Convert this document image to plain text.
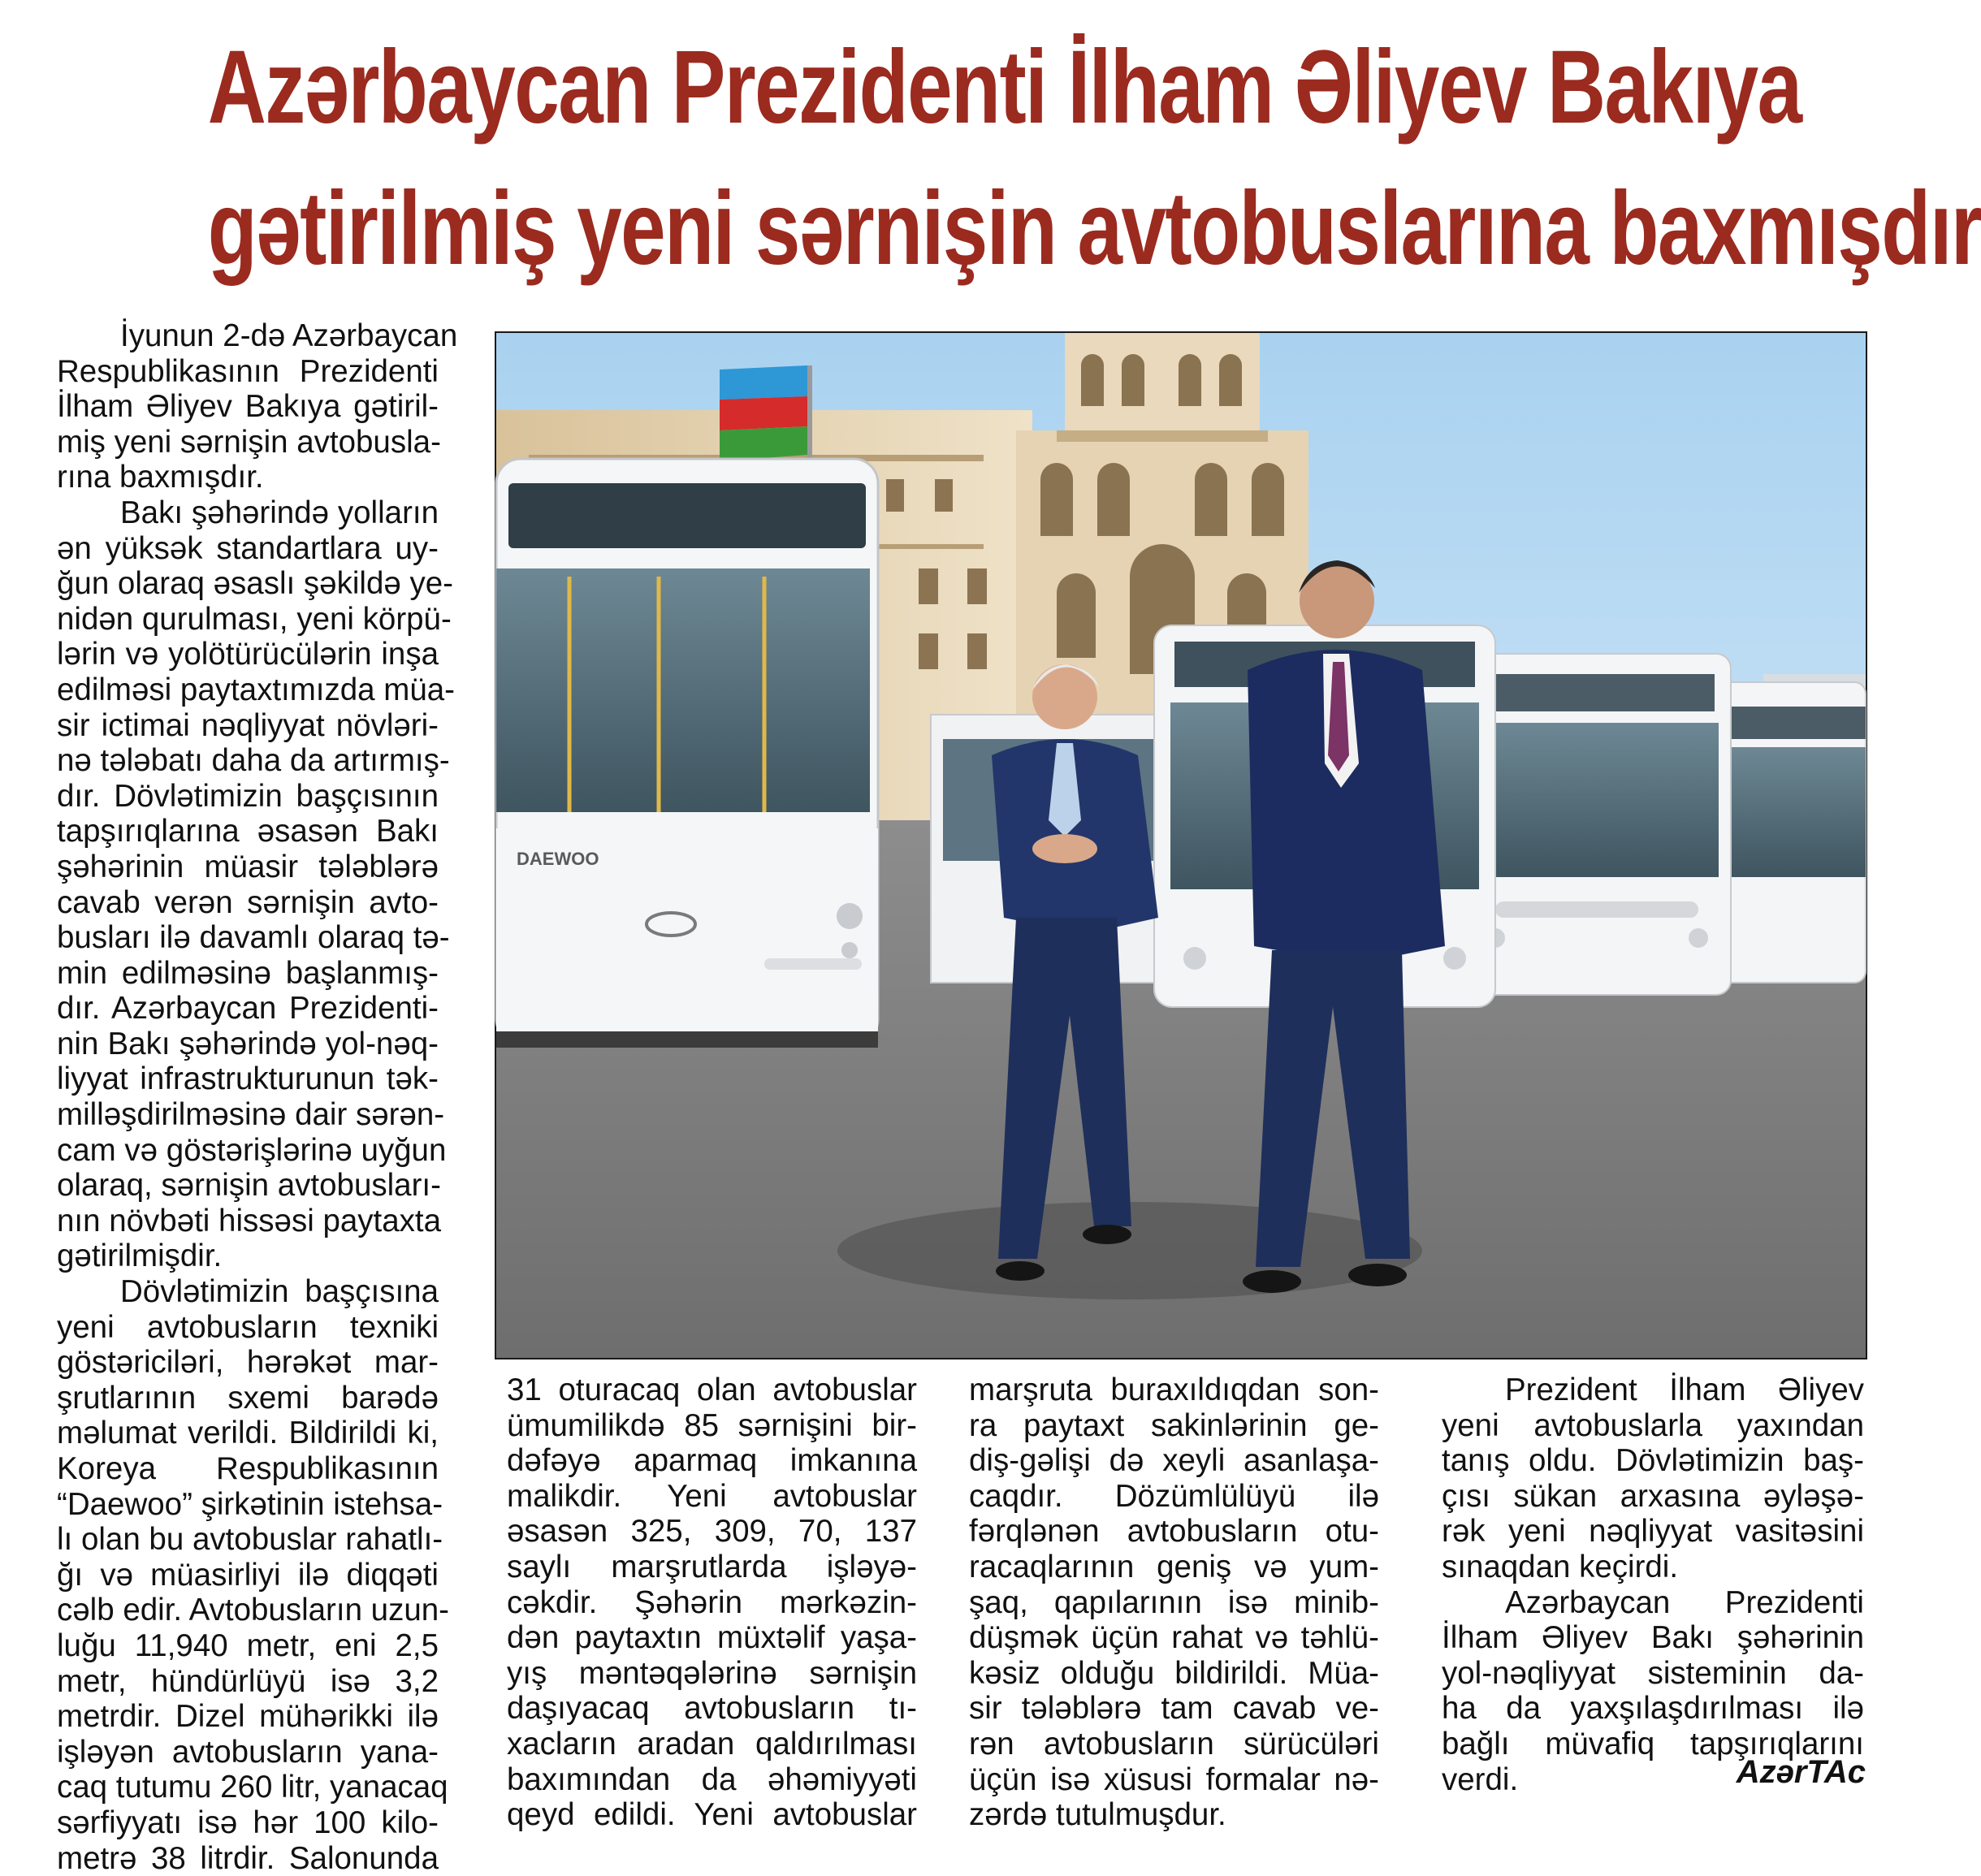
Azərbaycan Prezidenti İlham Əliyev Bakıya
gətirilmiş yeni sərnişin avtobuslarına baxmışdır
İyunun 2-də Azərbaycan
Respublikasının Prezidenti
İlham Əliyev Bakıya gətiril-
miş yeni sərnişin avtobusla-
rına baxmışdır.
Bakı şəhərində yolların
ən yüksək standartlara uy-
ğun olaraq əsaslı şəkildə ye-
nidən qurulması, yeni körpü-
lərin və yolötürücülərin inşa
edilməsi paytaxtımızda müa-
sir ictimai nəqliyyat növləri-
nə tələbatı daha da artırmış-
dır. Dövlətimizin başçısının
tapşırıqlarına əsasən Bakı
şəhərinin müasir tələblərə
cavab verən sərnişin avto-
busları ilə davamlı olaraq tə-
min edilməsinə başlanmış-
dır. Azərbaycan Prezidenti-
nin Bakı şəhərində yol-nəq-
liyyat infrastrukturunun tək-
milləşdirilməsinə dair sərən-
cam və göstərişlərinə uyğun
olaraq, sərnişin avtobusları-
nın növbəti hissəsi paytaxta
gətirilmişdir.
Dövlətimizin başçısına
yeni avtobusların texniki
göstəriciləri, hərəkət mar-
şrutlarının sxemi barədə
məlumat verildi. Bildirildi ki,
Koreya Respublikasının
“Daewoo” şirkətinin istehsa-
lı olan bu avtobuslar rahatlı-
ğı və müasirliyi ilə diqqəti
cəlb edir. Avtobusların uzun-
luğu 11,940 metr, eni 2,5
metr, hündürlüyü isə 3,2
metrdir. Dizel mühərikki ilə
işləyən avtobusların yana-
caq tutumu 260 litr, yanacaq
sərfiyyatı isə hər 100 kilo-
metrə 38 litrdir. Salonunda
DAEWOO
31 oturacaq olan avtobuslar
ümumilikdə 85 sərnişini bir-
dəfəyə aparmaq imkanına
malikdir. Yeni avtobuslar
əsasən 325, 309, 70, 137
saylı marşrutlarda işləyə-
cəkdir. Şəhərin mərkəzin-
dən paytaxtın müxtəlif yaşa-
yış məntəqələrinə sərnişin
daşıyacaq avtobusların tı-
xacların aradan qaldırılması
baxımından da əhəmiyyəti
qeyd edildi. Yeni avtobuslar
marşruta buraxıldıqdan son-
ra paytaxt sakinlərinin ge-
diş-gəlişi də xeyli asanlaşa-
caqdır. Dözümlülüyü ilə
fərqlənən avtobusların otu-
racaqlarının geniş və yum-
şaq, qapılarının isə minib-
düşmək üçün rahat və təhlü-
kəsiz olduğu bildirildi. Müa-
sir tələblərə tam cavab ve-
rən avtobusların sürücüləri
üçün isə xüsusi formalar nə-
zərdə tutulmuşdur.
Prezident İlham Əliyev
yeni avtobuslarla yaxından
tanış oldu. Dövlətimizin baş-
çısı sükan arxasına əyləşə-
rək yeni nəqliyyat vasitəsini
sınaqdan keçirdi.
Azərbaycan Prezidenti
İlham Əliyev Bakı şəhərinin
yol-nəqliyyat sisteminin da-
ha da yaxşılaşdırılması ilə
bağlı müvafiq tapşırıqlarını
verdi.	AzərTAc
